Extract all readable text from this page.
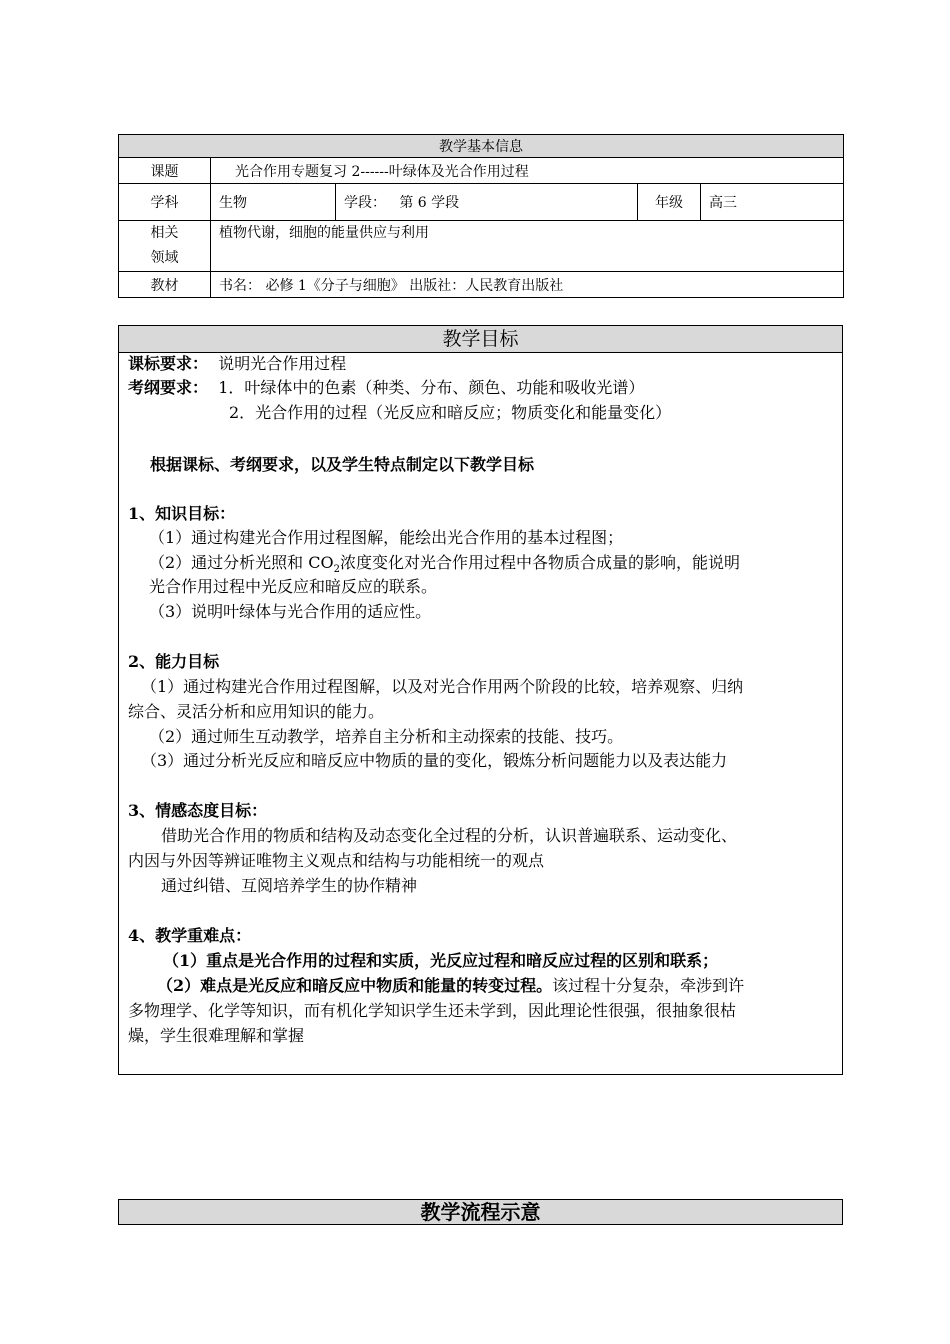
教学基本信息				
课题	光合作用专题复习 2------叶绿体及光合作用过程			
学科	生物	学段： 第 6 学段	年级	高三
相关
领域	植物代谢，细胞的能量供应与利用			
教材	书名： 必修 1《分子与细胞》 出版社：人民教育出版社			
教学目标
课标要求： 说明光合作用过程
考纲要求： 1．叶绿体中的色素（种类、分布、颜色、功能和吸收光谱）
2．光合作用的过程（光反应和暗反应；物质变化和能量变化）
根据课标、考纲要求，以及学生特点制定以下教学目标
1、知识目标：
（1）通过构建光合作用过程图解，能绘出光合作用的基本过程图；
（2）通过分析光照和 $CO_2$浓度变化对光合作用过程中各物质合成量的影响，能说明
光合作用过程中光反应和暗反应的联系。
（3）说明叶绿体与光合作用的适应性。
2、能力目标
（1）通过构建光合作用过程图解，以及对光合作用两个阶段的比较，培养观察、归纳
综合、灵活分析和应用知识的能力。
（2）通过师生互动教学，培养自主分析和主动探索的技能、技巧。
（3）通过分析光反应和暗反应中物质的量的变化，锻炼分析问题能力以及表达能力
3、情感态度目标：
借助光合作用的物质和结构及动态变化全过程的分析，认识普遍联系、运动变化、
内因与外因等辨证唯物主义观点和结构与功能相统一的观点
通过纠错、互阅培养学生的协作精神
4、教学重难点：
（1）重点是光合作用的过程和实质，光反应过程和暗反应过程的区别和联系；
（2）难点是光反应和暗反应中物质和能量的转变过程。该过程十分复杂，牵涉到许
多物理学、化学等知识，而有机化学知识学生还未学到，因此理论性很强，很抽象很枯
燥，学生很难理解和掌握
教学流程示意
